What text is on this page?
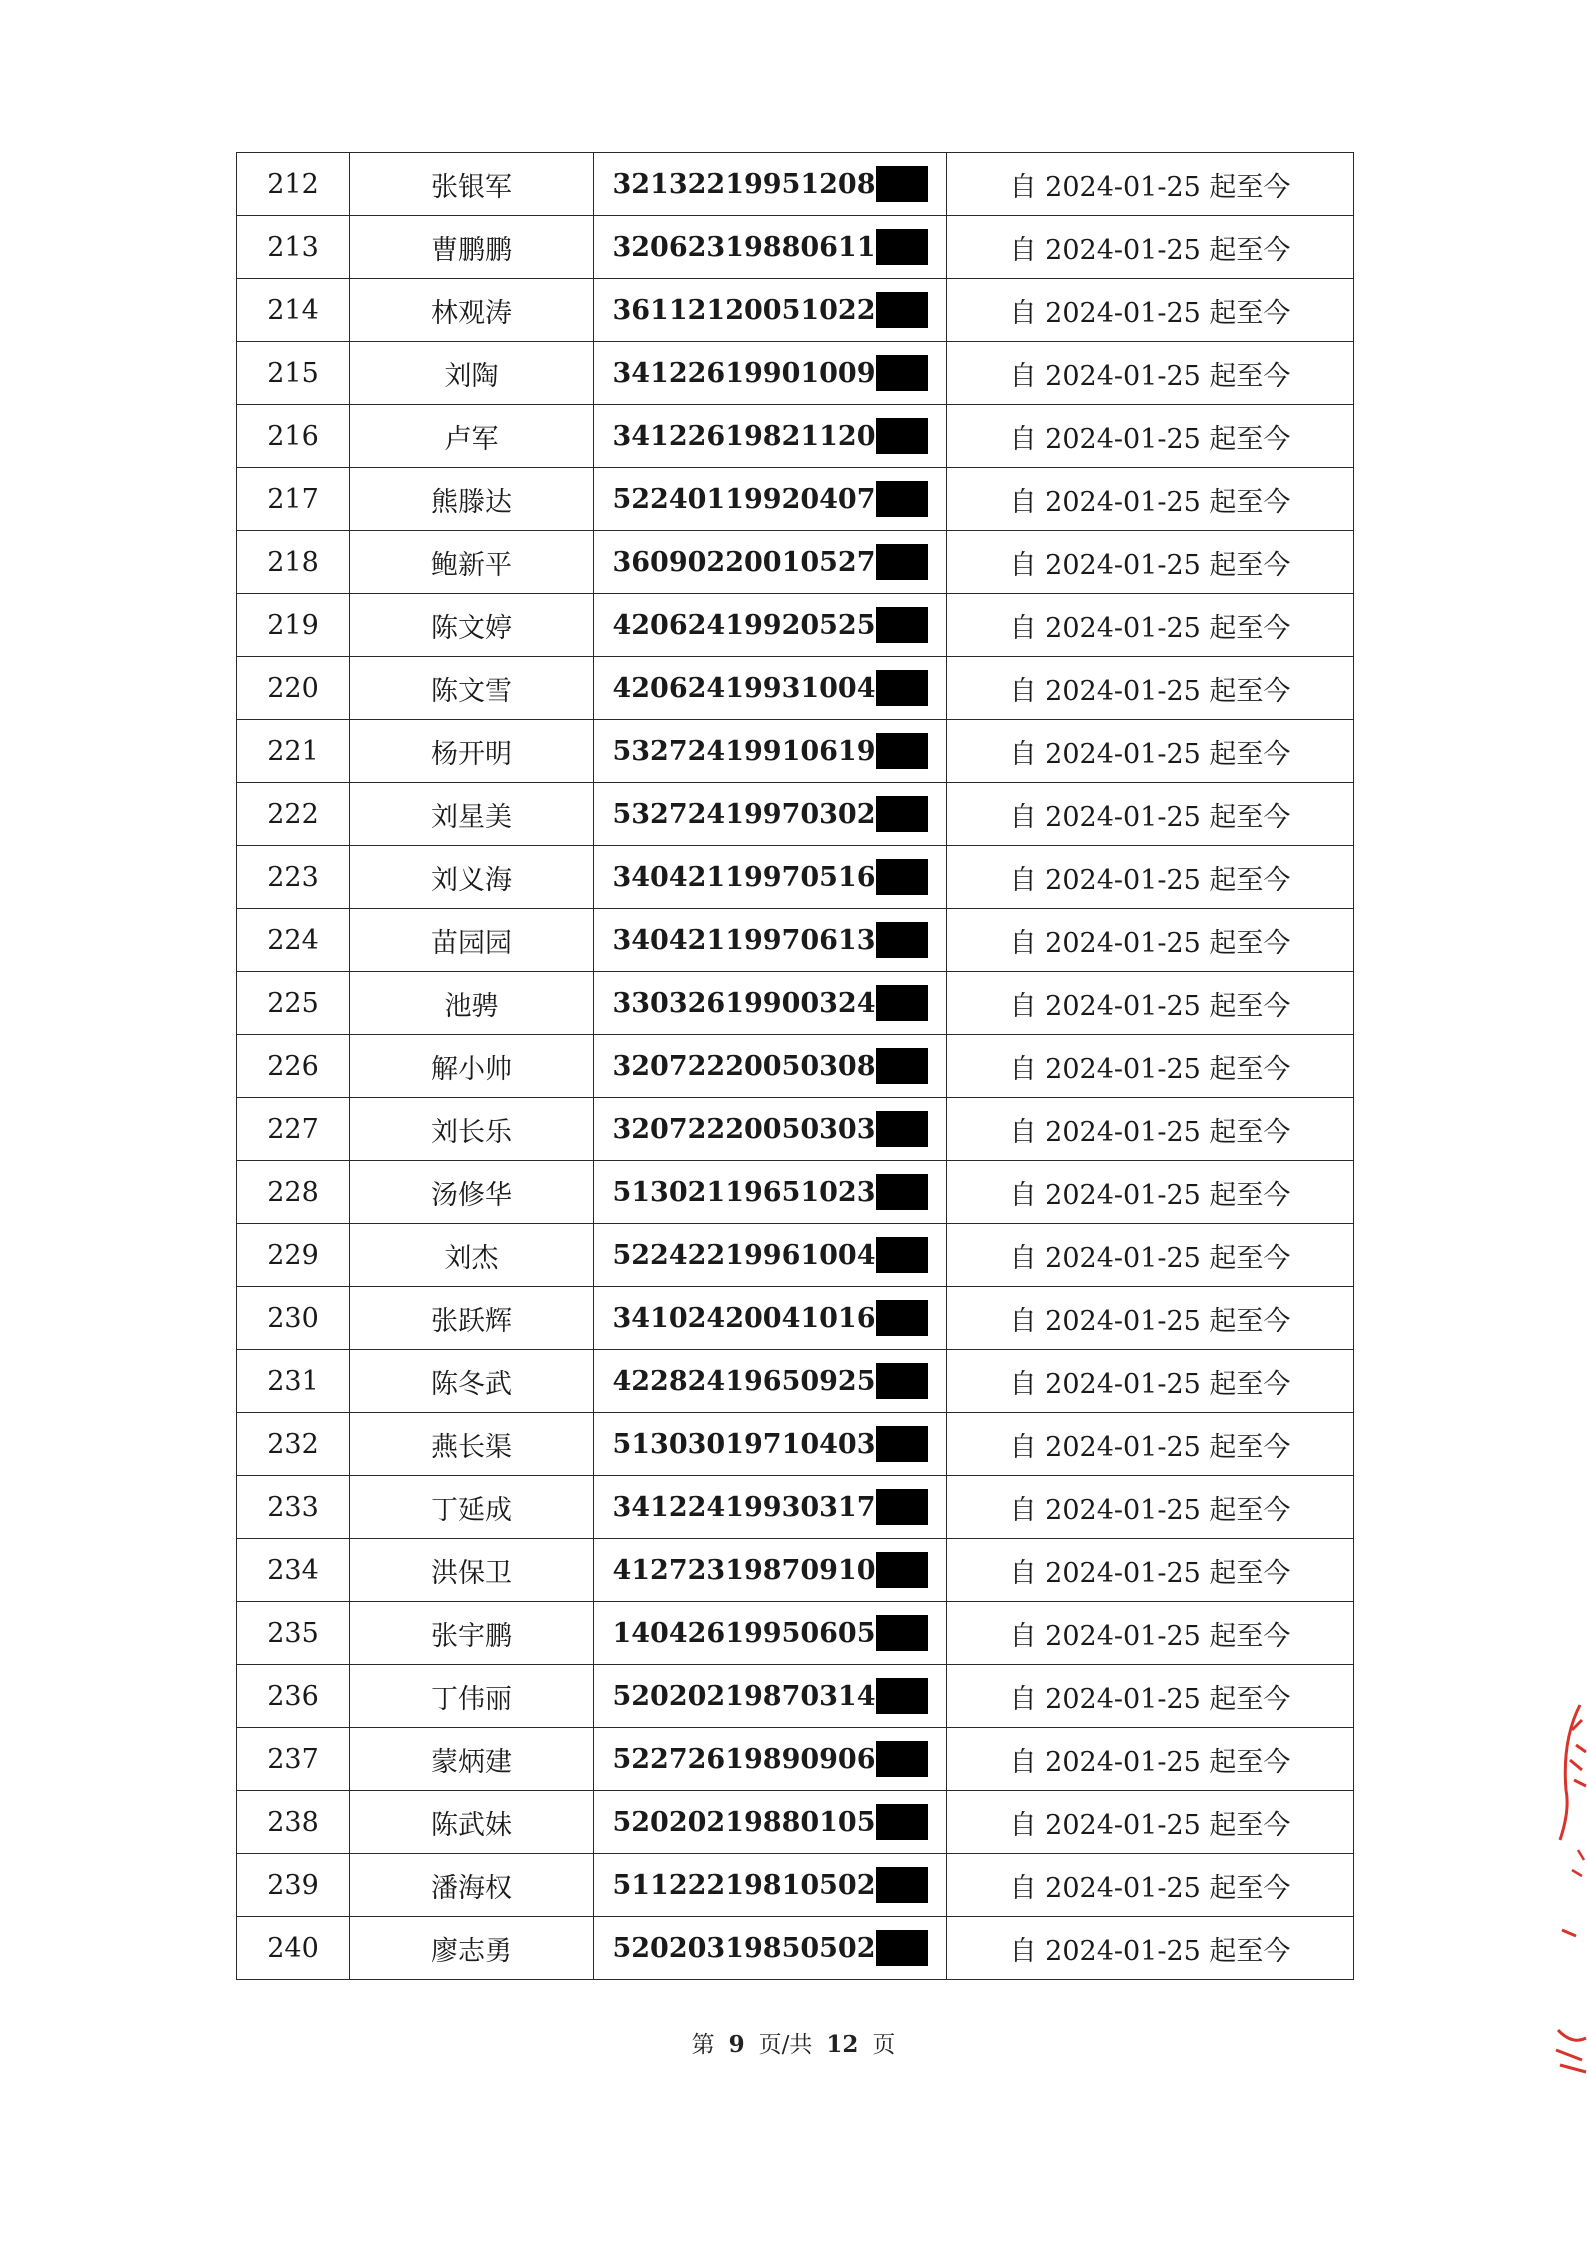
212	张银军	32132219951208	自 2024-01-25 起至今
213	曹鹏鹏	32062319880611	自 2024-01-25 起至今
214	林观涛	36112120051022	自 2024-01-25 起至今
215	刘陶	34122619901009	自 2024-01-25 起至今
216	卢军	34122619821120	自 2024-01-25 起至今
217	熊滕达	52240119920407	自 2024-01-25 起至今
218	鲍新平	36090220010527	自 2024-01-25 起至今
219	陈文婷	42062419920525	自 2024-01-25 起至今
220	陈文雪	42062419931004	自 2024-01-25 起至今
221	杨开明	53272419910619	自 2024-01-25 起至今
222	刘星美	53272419970302	自 2024-01-25 起至今
223	刘义海	34042119970516	自 2024-01-25 起至今
224	苗园园	34042119970613	自 2024-01-25 起至今
225	池骋	33032619900324	自 2024-01-25 起至今
226	解小帅	32072220050308	自 2024-01-25 起至今
227	刘长乐	32072220050303	自 2024-01-25 起至今
228	汤修华	51302119651023	自 2024-01-25 起至今
229	刘杰	52242219961004	自 2024-01-25 起至今
230	张跃辉	34102420041016	自 2024-01-25 起至今
231	陈冬武	42282419650925	自 2024-01-25 起至今
232	燕长渠	51303019710403	自 2024-01-25 起至今
233	丁延成	34122419930317	自 2024-01-25 起至今
234	洪保卫	41272319870910	自 2024-01-25 起至今
235	张宇鹏	14042619950605	自 2024-01-25 起至今
236	丁伟丽	52020219870314	自 2024-01-25 起至今
237	蒙炳建	52272619890906	自 2024-01-25 起至今
238	陈武妹	52020219880105	自 2024-01-25 起至今
239	潘海权	51122219810502	自 2024-01-25 起至今
240	廖志勇	52020319850502	自 2024-01-25 起至今
第 9 页/共 12 页
